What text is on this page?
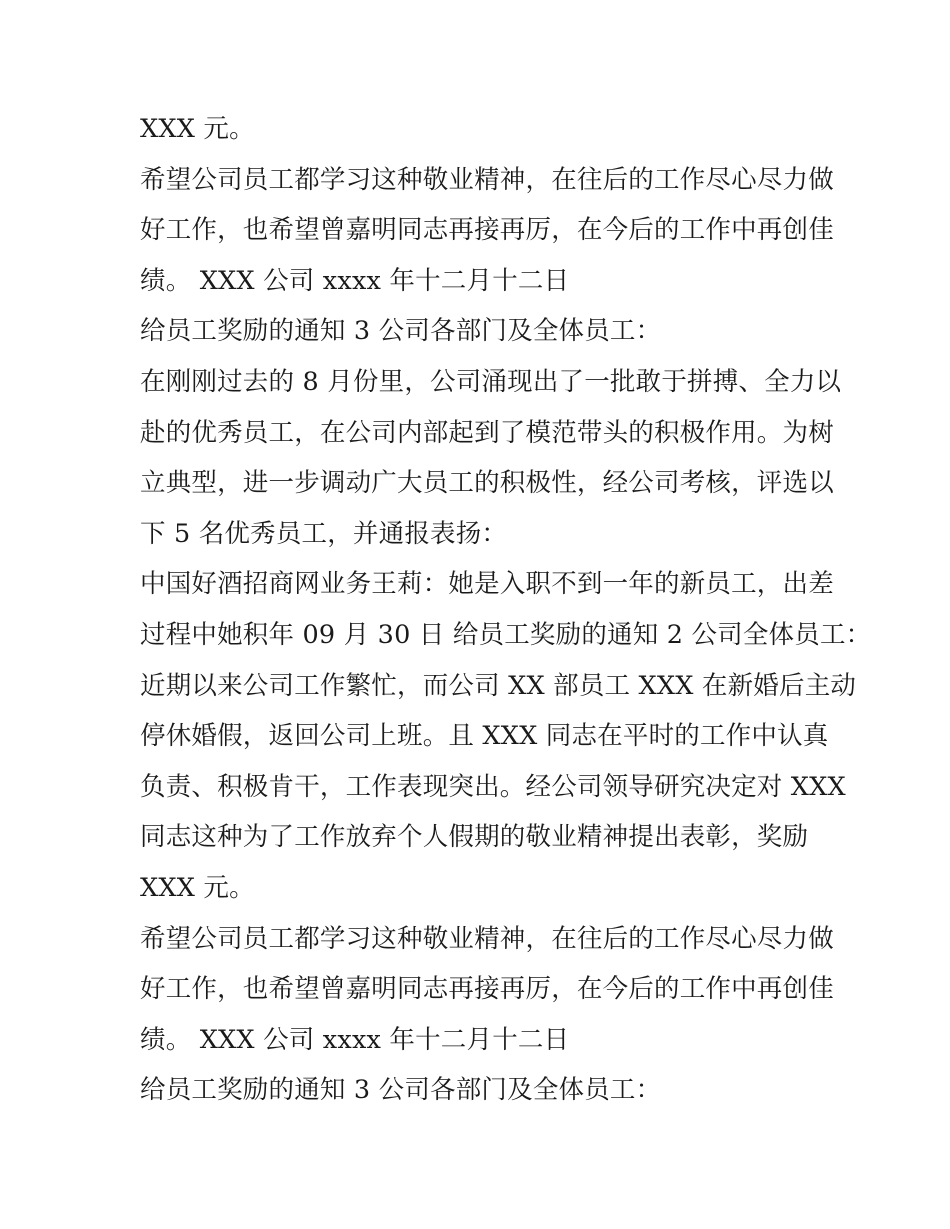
XXX 元。
希望公司员工都学习这种敬业精神，在往后的工作尽心尽力做
好工作，也希望曾嘉明同志再接再厉，在今后的工作中再创佳
绩。 XXX 公司 xxxx 年十二月十二日
给员工奖励的通知 3 公司各部门及全体员工：
在刚刚过去的 8 月份里，公司涌现出了一批敢于拼搏、全力以
赴的优秀员工，在公司内部起到了模范带头的积极作用。为树
立典型，进一步调动广大员工的积极性，经公司考核，评选以
下 5 名优秀员工，并通报表扬：
中国好酒招商网业务王莉：她是入职不到一年的新员工，出差
过程中她积年 09 月 30 日 给员工奖励的通知 2 公司全体员工：
近期以来公司工作繁忙，而公司 XX 部员工 XXX 在新婚后主动
停休婚假，返回公司上班。且 XXX 同志在平时的工作中认真
负责、积极肯干，工作表现突出。经公司领导研究决定对 XXX
同志这种为了工作放弃个人假期的敬业精神提出表彰，奖励
XXX 元。
希望公司员工都学习这种敬业精神，在往后的工作尽心尽力做
好工作，也希望曾嘉明同志再接再厉，在今后的工作中再创佳
绩。 XXX 公司 xxxx 年十二月十二日
给员工奖励的通知 3 公司各部门及全体员工：
